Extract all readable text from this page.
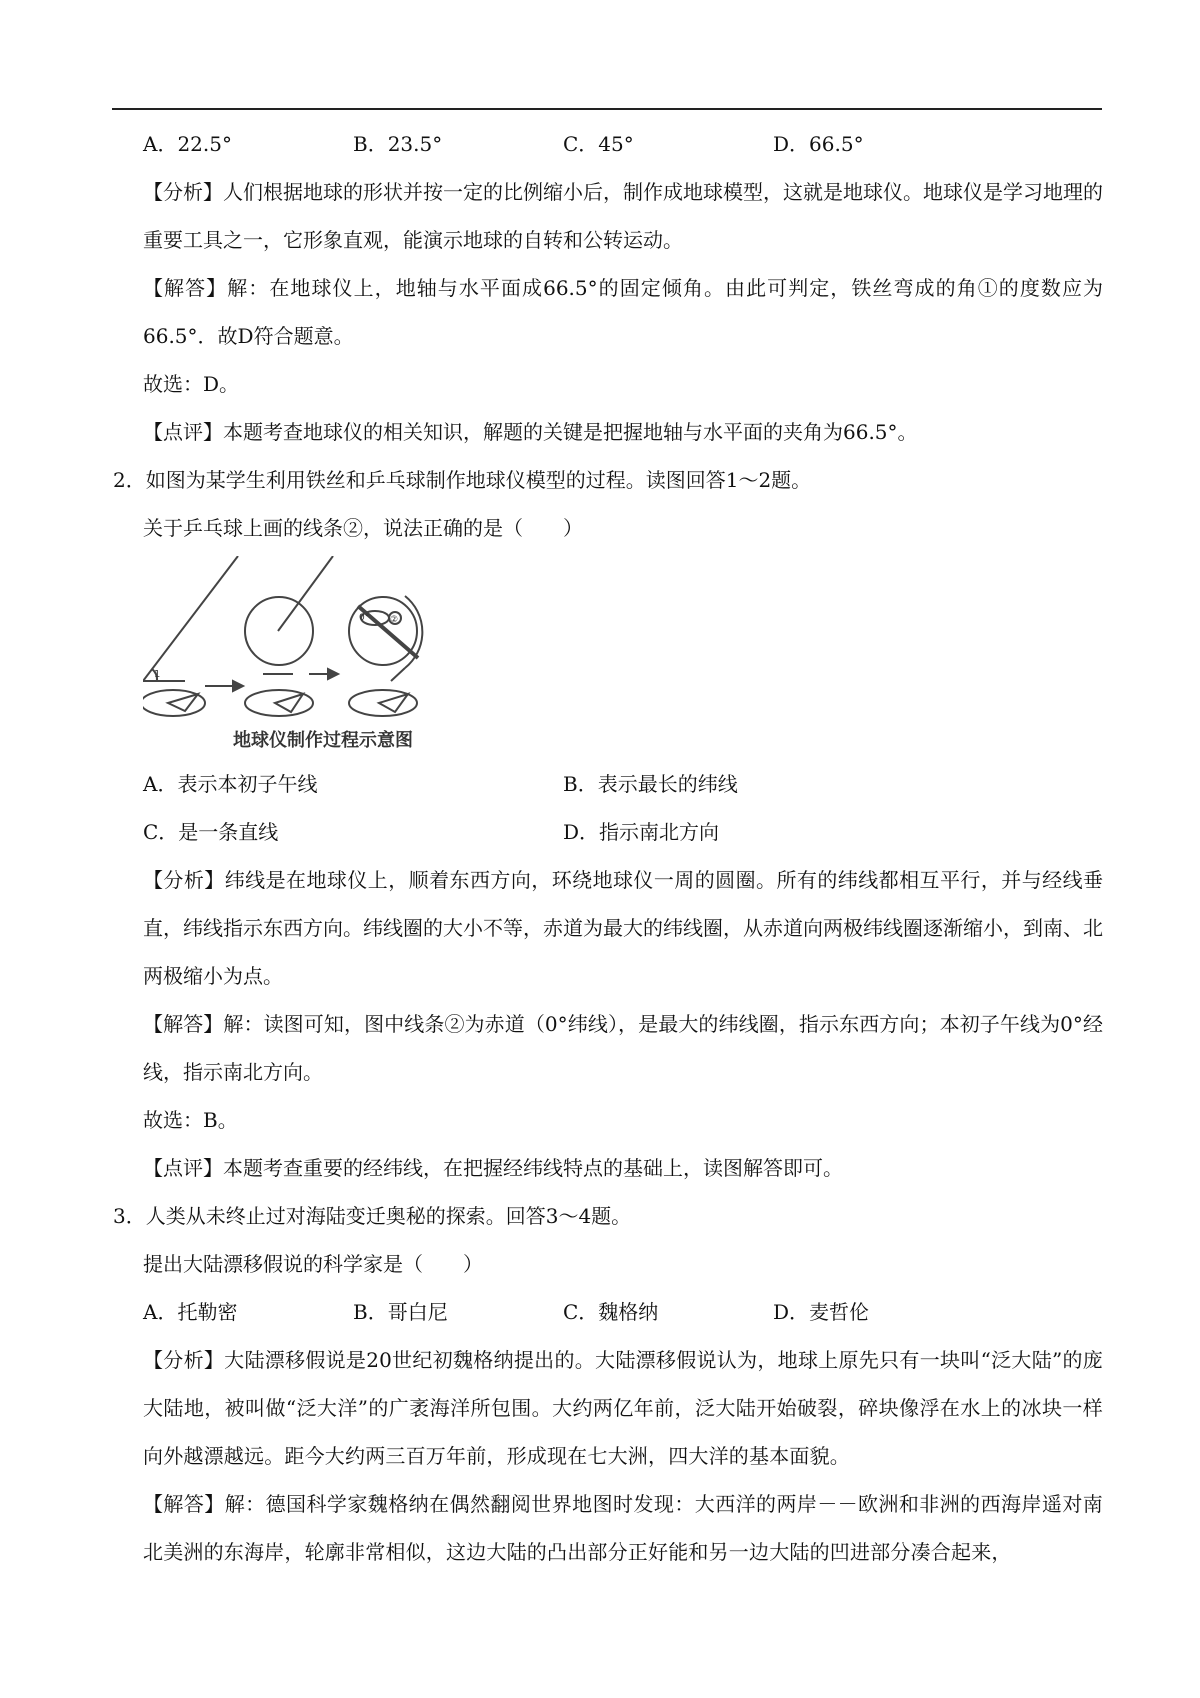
A．22.5°	B．23.5°	C．45°	D．66.5°
【分析】人们根据地球的形状并按一定的比例缩小后，制作成地球模型，这就是地球仪。地球仪是学习地理的重要工具之一，它形象直观，能演示地球的自转和公转运动。
【解答】解：在地球仪上，地轴与水平面成66.5°的固定倾角。由此可判定，铁丝弯成的角①的度数应为66.5°．故D符合题意。
故选：D。
【点评】本题考查地球仪的相关知识，解题的关键是把握地轴与水平面的夹角为66.5°。
2．如图为某学生利用铁丝和乒乓球制作地球仪模型的过程。读图回答1～2题。
关于乒乓球上画的线条②，说法正确的是（　　）
1
0° ②
地球仪制作过程示意图
A．表示本初子午线	B．表示最长的纬线
C．是一条直线	D．指示南北方向
【分析】纬线是在地球仪上，顺着东西方向，环绕地球仪一周的圆圈。所有的纬线都相互平行，并与经线垂直，纬线指示东西方向。纬线圈的大小不等，赤道为最大的纬线圈，从赤道向两极纬线圈逐渐缩小，到南、北两极缩小为点。
【解答】解：读图可知，图中线条②为赤道（0°纬线），是最大的纬线圈，指示东西方向；本初子午线为0°经线，指示南北方向。
故选：B。
【点评】本题考查重要的经纬线，在把握经纬线特点的基础上，读图解答即可。
3．人类从未终止过对海陆变迁奥秘的探索。回答3～4题。
提出大陆漂移假说的科学家是（　　）
A．托勒密	B．哥白尼	C．魏格纳	D．麦哲伦
【分析】大陆漂移假说是20世纪初魏格纳提出的。大陆漂移假说认为，地球上原先只有一块叫“泛大陆”的庞大陆地，被叫做“泛大洋”的广袤海洋所包围。大约两亿年前，泛大陆开始破裂，碎块像浮在水上的冰块一样向外越漂越远。距今大约两三百万年前，形成现在七大洲，四大洋的基本面貌。
【解答】解：德国科学家魏格纳在偶然翻阅世界地图时发现：大西洋的两岸－－欧洲和非洲的西海岸遥对南北美洲的东海岸，轮廓非常相似，这边大陆的凸出部分正好能和另一边大陆的凹进部分凑合起来，
